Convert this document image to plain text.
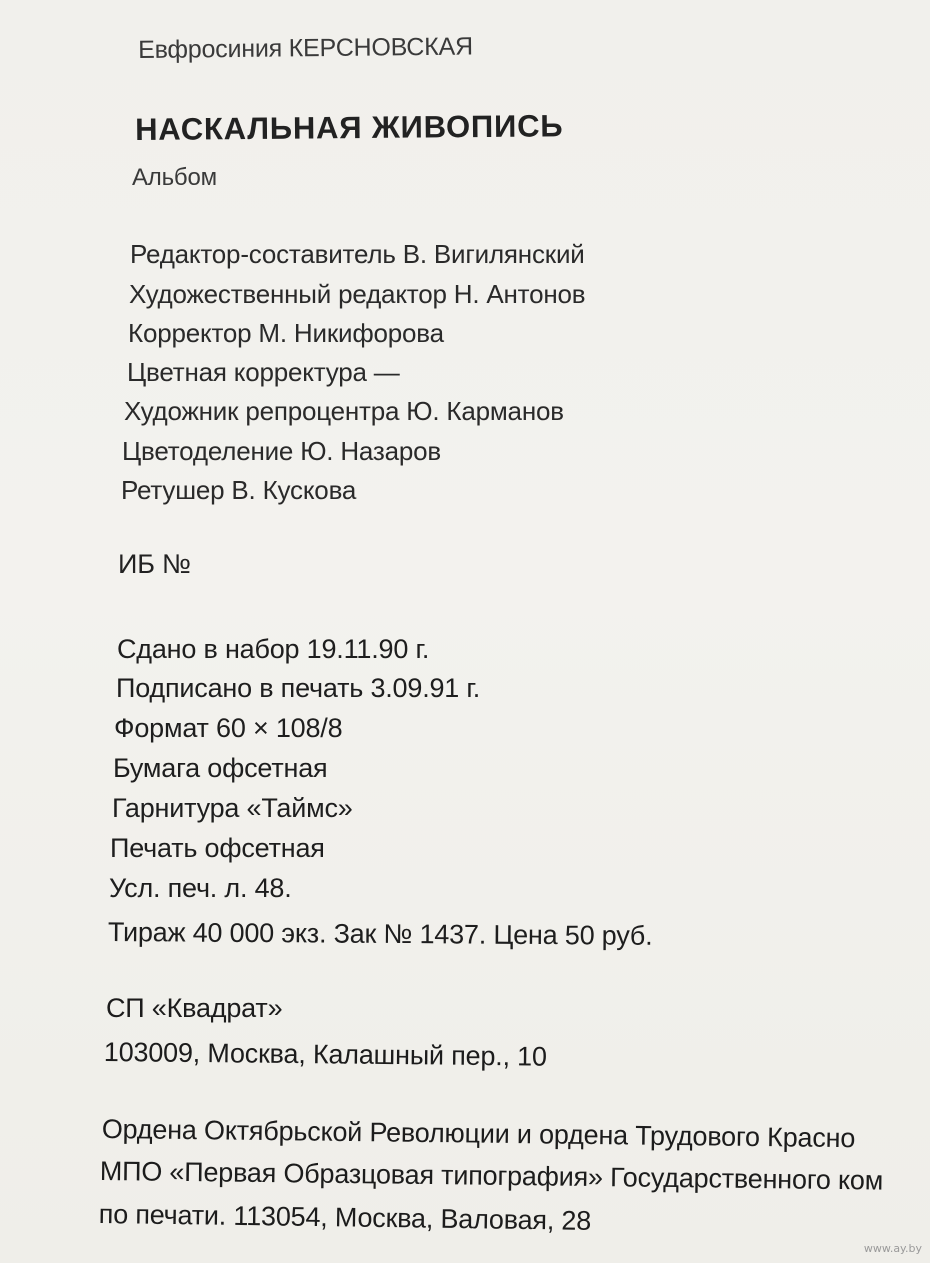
Евфросиния КЕРСНОВСКАЯ
НАСКАЛЬНАЯ ЖИВОПИСЬ
Альбом
Редактор-составитель В. Вигилянский
Художественный редактор Н. Антонов
Корректор М. Никифорова
Цветная корректура —
Художник репроцентра Ю. Карманов
Цветоделение Ю. Назаров
Ретушер В. Кускова
ИБ №
Сдано в набор 19.11.90 г.
Подписано в печать 3.09.91 г.
Формат 60 × 108/8
Бумага офсетная
Гарнитура «Таймс»
Печать офсетная
Усл. печ. л. 48.
Тираж 40 000 экз. Зак № 1437. Цена 50 руб.
СП «Квадрат»
103009, Москва, Калашный пер., 10
Ордена Октябрьской Революции и ордена Трудового Красно
МПО «Первая Образцовая типография» Государственного ком
по печати. 113054, Москва, Валовая, 28
www.ay.by
